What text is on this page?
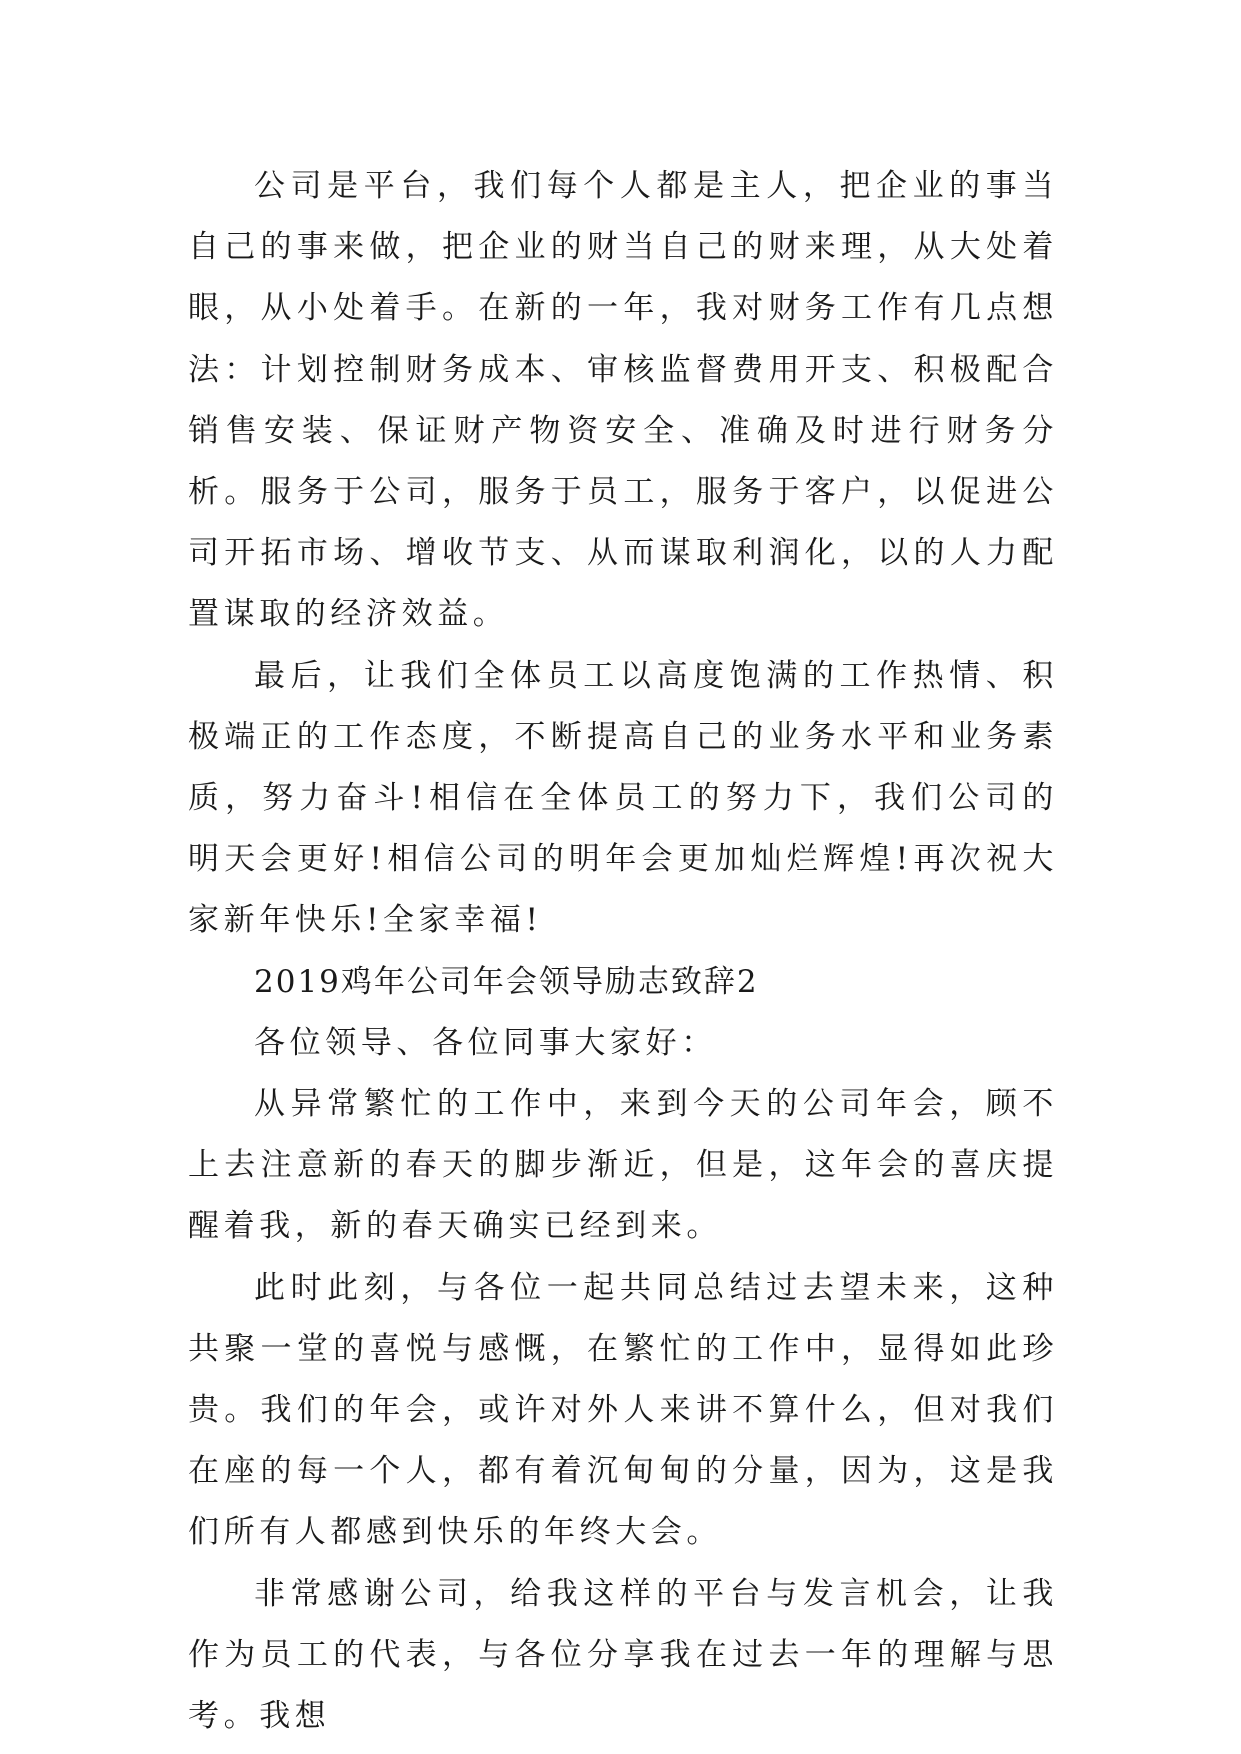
公司是平台，我们每个人都是主人，把企业的事当自己的事来做，把企业的财当自己的财来理，从大处着眼，从小处着手。在新的一年，我对财务工作有几点想法：计划控制财务成本、审核监督费用开支、积极配合销售安装、保证财产物资安全、准确及时进行财务分析。服务于公司，服务于员工，服务于客户，以促进公司开拓市场、增收节支、从而谋取利润化，以的人力配置谋取的经济效益。

最后，让我们全体员工以高度饱满的工作热情、积极端正的工作态度，不断提高自己的业务水平和业务素质，努力奋斗!相信在全体员工的努力下，我们公司的明天会更好!相信公司的明年会更加灿烂辉煌!再次祝大家新年快乐!全家幸福!

2019鸡年公司年会领导励志致辞2

各位领导、各位同事大家好：

从异常繁忙的工作中，来到今天的公司年会，顾不上去注意新的春天的脚步渐近，但是，这年会的喜庆提醒着我，新的春天确实已经到来。

此时此刻，与各位一起共同总结过去望未来，这种共聚一堂的喜悦与感慨，在繁忙的工作中，显得如此珍贵。我们的年会，或许对外人来讲不算什么，但对我们在座的每一个人，都有着沉甸甸的分量，因为，这是我们所有人都感到快乐的年终大会。

非常感谢公司，给我这样的平台与发言机会，让我作为员工的代表，与各位分享我在过去一年的理解与思考。我想
